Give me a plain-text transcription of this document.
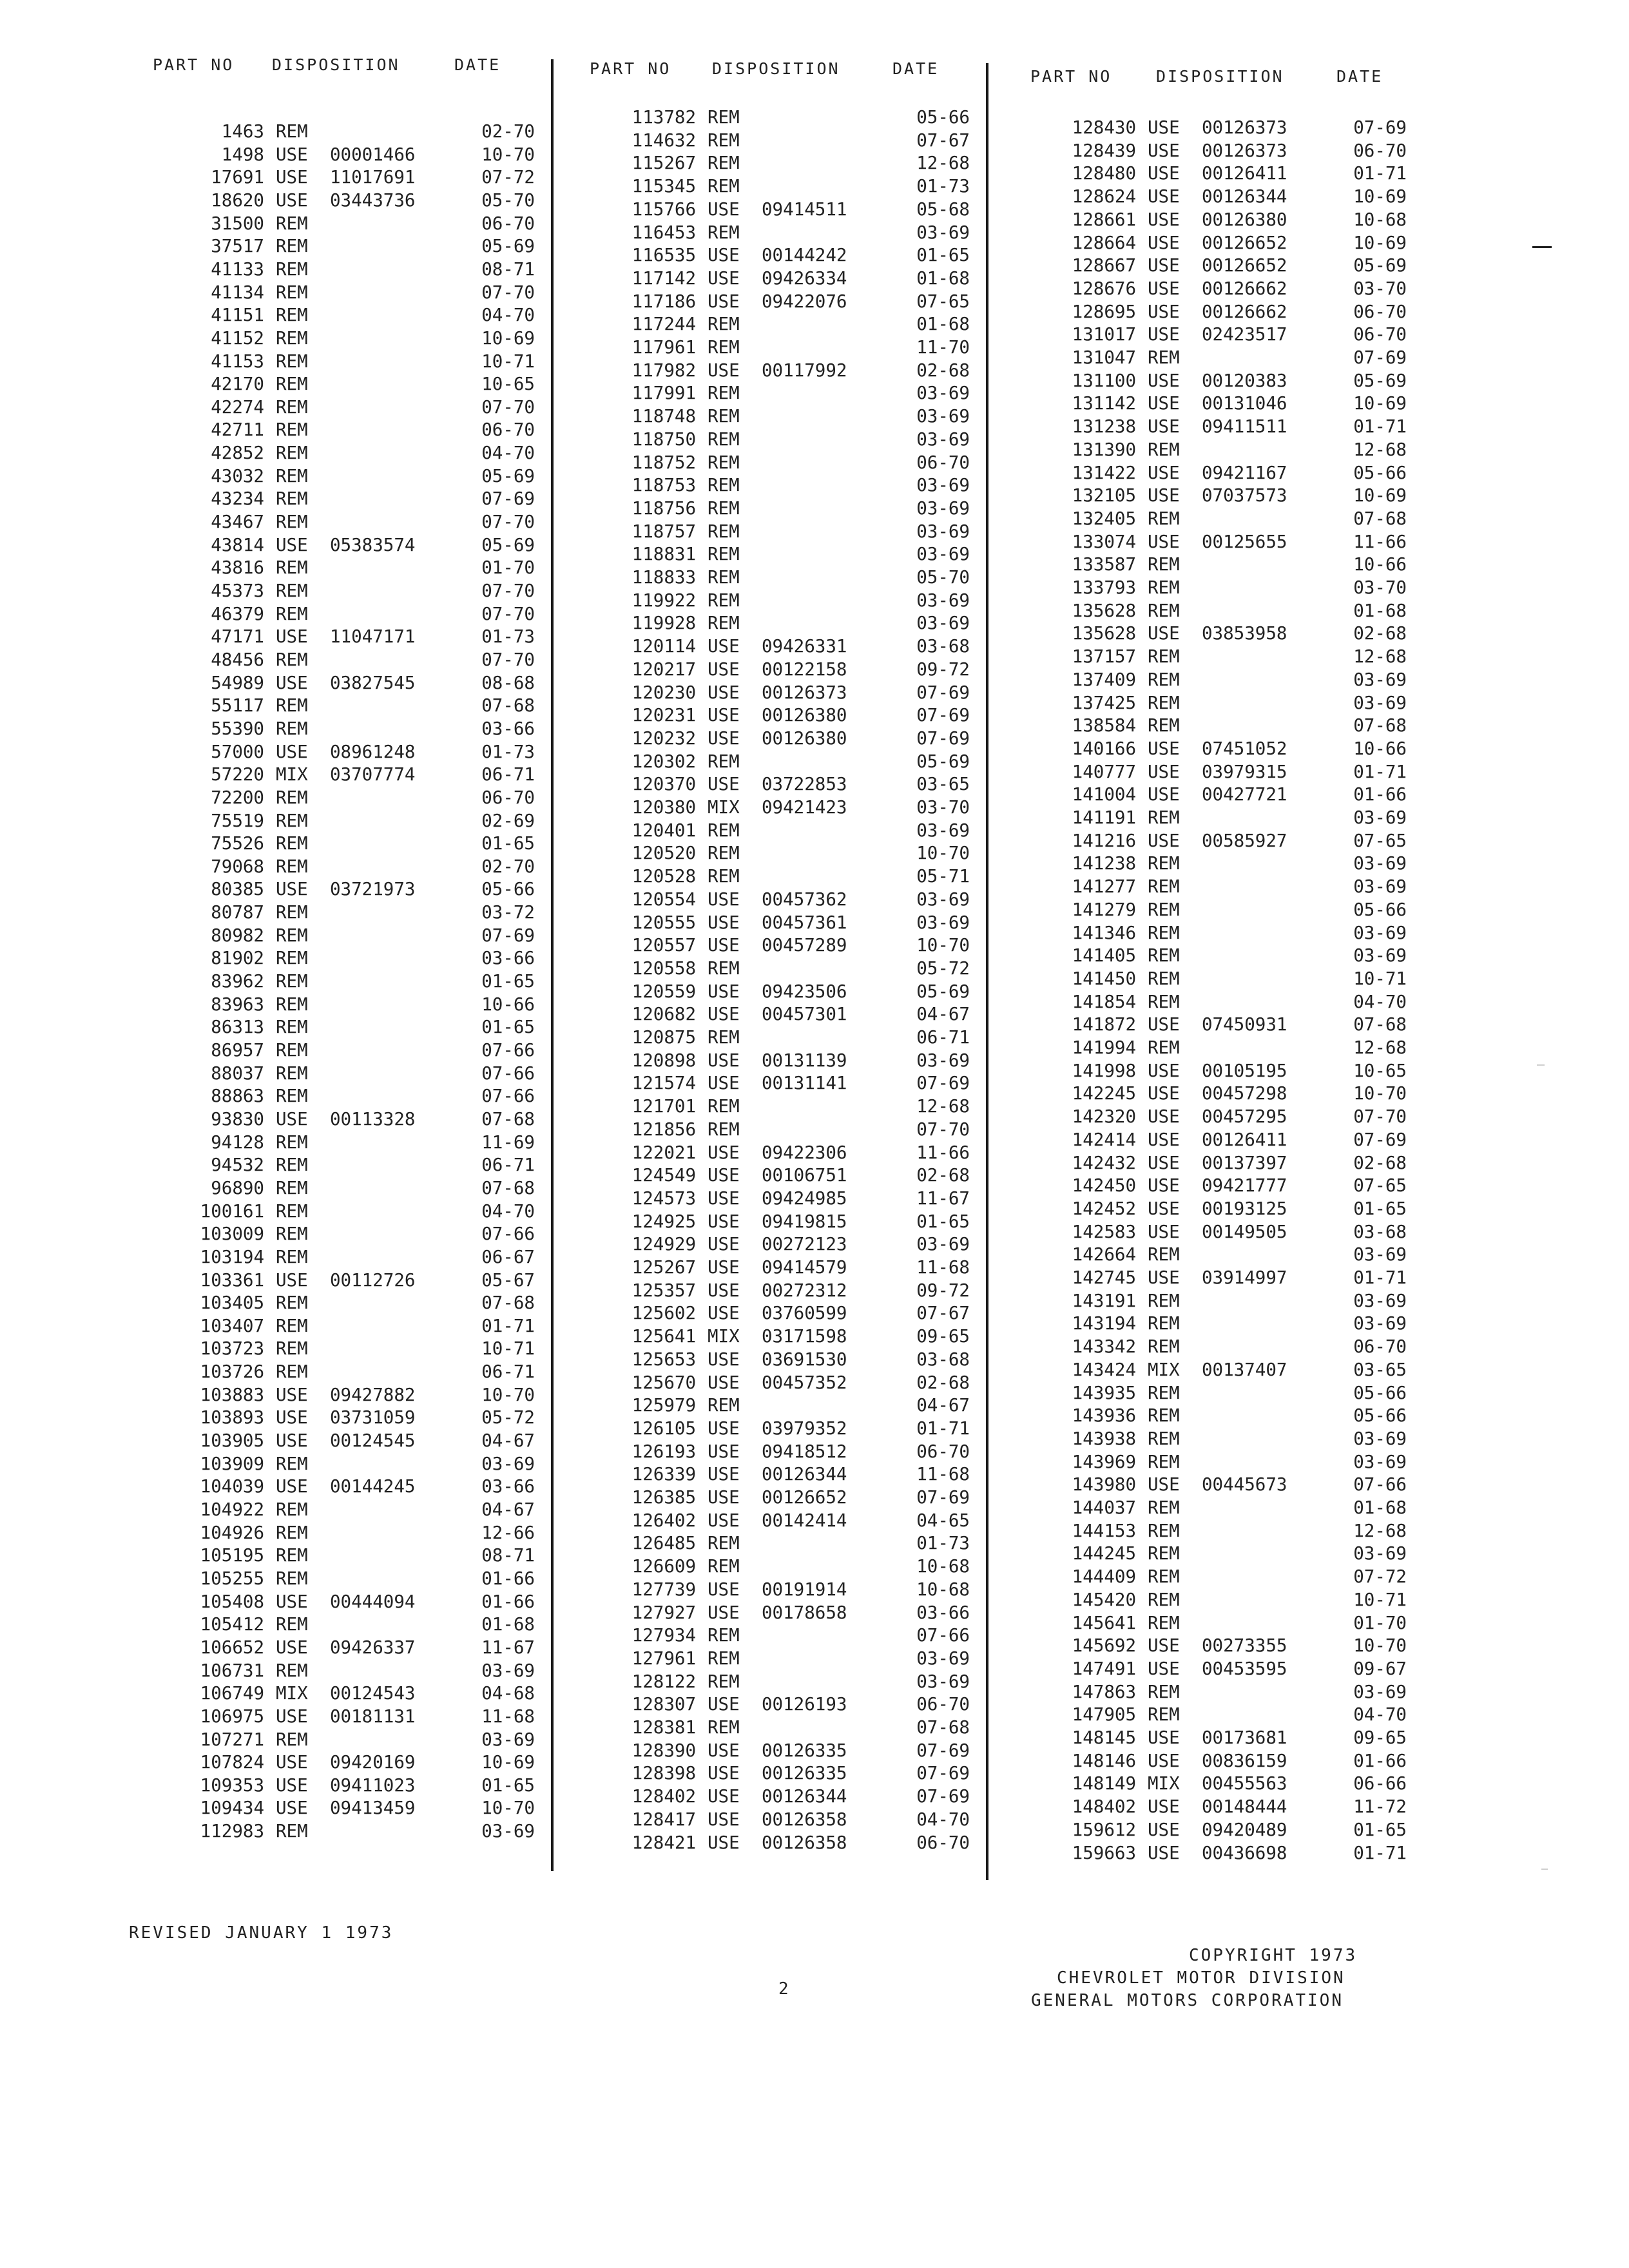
PART NO	DISPOSITION	DATE
1463 REM	02-70
1498 USE	00001466	10-70
17691 USE	11017691	07-72
18620 USE	03443736	05-70
31500 REM	06-70
37517 REM	05-69
41133 REM	08-71
41134 REM	07-70
41151 REM	04-70
41152 REM	10-69
41153 REM	10-71
42170 REM	10-65
42274 REM	07-70
42711 REM	06-70
42852 REM	04-70
43032 REM	05-69
43234 REM	07-69
43467 REM	07-70
43814 USE	05383574	05-69
43816 REM	01-70
45373 REM	07-70
46379 REM	07-70
47171 USE	11047171	01-73
48456 REM	07-70
54989 USE	03827545	08-68
55117 REM	07-68
55390 REM	03-66
57000 USE	08961248	01-73
57220 MIX	03707774	06-71
72200 REM	06-70
75519 REM	02-69
75526 REM	01-65
79068 REM	02-70
80385 USE	03721973	05-66
80787 REM	03-72
80982 REM	07-69
81902 REM	03-66
83962 REM	01-65
83963 REM	10-66
86313 REM	01-65
86957 REM	07-66
88037 REM	07-66
88863 REM	07-66
93830 USE	00113328	07-68
94128 REM	11-69
94532 REM	06-71
96890 REM	07-68
100161 REM	04-70
103009 REM	07-66
103194 REM	06-67
103361 USE	00112726	05-67
103405 REM	07-68
103407 REM	01-71
103723 REM	10-71
103726 REM	06-71
103883 USE	09427882	10-70
103893 USE	03731059	05-72
103905 USE	00124545	04-67
103909 REM	03-69
104039 USE	00144245	03-66
104922 REM	04-67
104926 REM	12-66
105195 REM	08-71
105255 REM	01-66
105408 USE	00444094	01-66
105412 REM	01-68
106652 USE	09426337	11-67
106731 REM	03-69
106749 MIX	00124543	04-68
106975 USE	00181131	11-68
107271 REM	03-69
107824 USE	09420169	10-69
109353 USE	09411023	01-65
109434 USE	09413459	10-70
112983 REM	03-69
PART NO	DISPOSITION	DATE
113782 REM	05-66
114632 REM	07-67
115267 REM	12-68
115345 REM	01-73
115766 USE	09414511	05-68
116453 REM	03-69
116535 USE	00144242	01-65
117142 USE	09426334	01-68
117186 USE	09422076	07-65
117244 REM	01-68
117961 REM	11-70
117982 USE	00117992	02-68
117991 REM	03-69
118748 REM	03-69
118750 REM	03-69
118752 REM	06-70
118753 REM	03-69
118756 REM	03-69
118757 REM	03-69
118831 REM	03-69
118833 REM	05-70
119922 REM	03-69
119928 REM	03-69
120114 USE	09426331	03-68
120217 USE	00122158	09-72
120230 USE	00126373	07-69
120231 USE	00126380	07-69
120232 USE	00126380	07-69
120302 REM	05-69
120370 USE	03722853	03-65
120380 MIX	09421423	03-70
120401 REM	03-69
120520 REM	10-70
120528 REM	05-71
120554 USE	00457362	03-69
120555 USE	00457361	03-69
120557 USE	00457289	10-70
120558 REM	05-72
120559 USE	09423506	05-69
120682 USE	00457301	04-67
120875 REM	06-71
120898 USE	00131139	03-69
121574 USE	00131141	07-69
121701 REM	12-68
121856 REM	07-70
122021 USE	09422306	11-66
124549 USE	00106751	02-68
124573 USE	09424985	11-67
124925 USE	09419815	01-65
124929 USE	00272123	03-69
125267 USE	09414579	11-68
125357 USE	00272312	09-72
125602 USE	03760599	07-67
125641 MIX	03171598	09-65
125653 USE	03691530	03-68
125670 USE	00457352	02-68
125979 REM	04-67
126105 USE	03979352	01-71
126193 USE	09418512	06-70
126339 USE	00126344	11-68
126385 USE	00126652	07-69
126402 USE	00142414	04-65
126485 REM	01-73
126609 REM	10-68
127739 USE	00191914	10-68
127927 USE	00178658	03-66
127934 REM	07-66
127961 REM	03-69
128122 REM	03-69
128307 USE	00126193	06-70
128381 REM	07-68
128390 USE	00126335	07-69
128398 USE	00126335	07-69
128402 USE	00126344	07-69
128417 USE	00126358	04-70
128421 USE	00126358	06-70
PART NO	DISPOSITION	DATE
128430 USE	00126373	07-69
128439 USE	00126373	06-70
128480 USE	00126411	01-71
128624 USE	00126344	10-69
128661 USE	00126380	10-68
128664 USE	00126652	10-69
128667 USE	00126652	05-69
128676 USE	00126662	03-70
128695 USE	00126662	06-70
131017 USE	02423517	06-70
131047 REM	07-69
131100 USE	00120383	05-69
131142 USE	00131046	10-69
131238 USE	09411511	01-71
131390 REM	12-68
131422 USE	09421167	05-66
132105 USE	07037573	10-69
132405 REM	07-68
133074 USE	00125655	11-66
133587 REM	10-66
133793 REM	03-70
135628 REM	01-68
135628 USE	03853958	02-68
137157 REM	12-68
137409 REM	03-69
137425 REM	03-69
138584 REM	07-68
140166 USE	07451052	10-66
140777 USE	03979315	01-71
141004 USE	00427721	01-66
141191 REM	03-69
141216 USE	00585927	07-65
141238 REM	03-69
141277 REM	03-69
141279 REM	05-66
141346 REM	03-69
141405 REM	03-69
141450 REM	10-71
141854 REM	04-70
141872 USE	07450931	07-68
141994 REM	12-68
141998 USE	00105195	10-65
142245 USE	00457298	10-70
142320 USE	00457295	07-70
142414 USE	00126411	07-69
142432 USE	00137397	02-68
142450 USE	09421777	07-65
142452 USE	00193125	01-65
142583 USE	00149505	03-68
142664 REM	03-69
142745 USE	03914997	01-71
143191 REM	03-69
143194 REM	03-69
143342 REM	06-70
143424 MIX	00137407	03-65
143935 REM	05-66
143936 REM	05-66
143938 REM	03-69
143969 REM	03-69
143980 USE	00445673	07-66
144037 REM	01-68
144153 REM	12-68
144245 REM	03-69
144409 REM	07-72
145420 REM	10-71
145641 REM	01-70
145692 USE	00273355	10-70
147491 USE	00453595	09-67
147863 REM	03-69
147905 REM	04-70
148145 USE	00173681	09-65
148146 USE	00836159	01-66
148149 MIX	00455563	06-66
148402 USE	00148444	11-72
159612 USE	09420489	01-65
159663 USE	00436698	01-71
REVISED JANUARY 1 1973
2
COPYRIGHT 1973
CHEVROLET MOTOR DIVISION
GENERAL MOTORS CORPORATION
